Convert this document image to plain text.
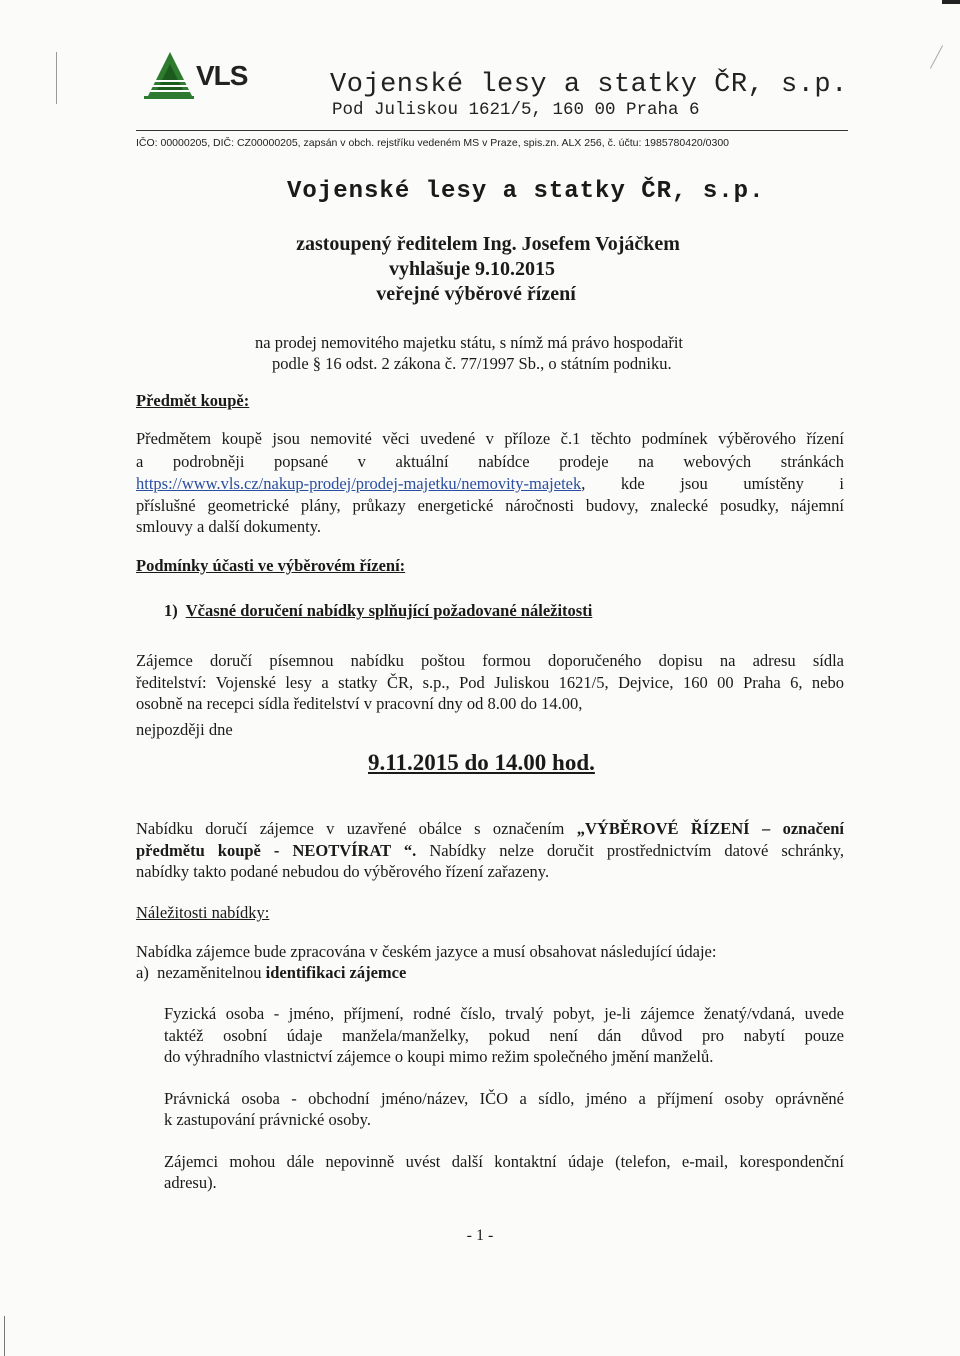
VLS	Vojenské lesy a statky ČR, s.p.
Pod Juliskou 1621/5, 160 00 Praha 6
IČO: 00000205, DIČ: CZ00000205, zapsán v obch. rejstříku vedeném MS v Praze, spis.zn. ALX 256, č. účtu: 1985780420/0300
Vojenské lesy a statky ČR, s.p.
zastoupený ředitelem Ing. Josefem Vojáčkem
vyhlašuje 9.10.2015
veřejné výběrové řízení
na prodej nemovitého majetku státu, s nímž má právo hospodařit
podle § 16 odst. 2 zákona č. 77/1997 Sb., o státním podniku.
Předmět koupě:
Předmětem koupě jsou nemovité věci uvedené v příloze č.1 těchto podmínek výběrového řízení
a podrobněji popsané v aktuální nabídce prodeje na webových stránkách
https://www.vls.cz/nakup-prodej/prodej-majetku/nemovity-majetek , kde jsou umístěny i
příslušné geometrické plány, průkazy energetické náročnosti budovy, znalecké posudky, nájemní
smlouvy a další dokumenty.
Podmínky účasti ve výběrovém řízení:
1) Včasné doručení nabídky splňující požadované náležitosti
Zájemce doručí písemnou nabídku poštou formou doporučeného dopisu na adresu sídla
ředitelství: Vojenské lesy a statky ČR, s.p., Pod Juliskou 1621/5, Dejvice, 160 00 Praha 6, nebo
osobně na recepci sídla ředitelství v pracovní dny od 8.00 do 14.00,
nejpozději dne
9.11.2015 do 14.00 hod.
Nabídku doručí zájemce v uzavřené obálce s označením „VÝBĚROVÉ ŘÍZENÍ – označení
předmětu koupě - NEOTVÍRAT “. Nabídky nelze doručit prostřednictvím datové schránky,
nabídky takto podané nebudou do výběrového řízení zařazeny.
Náležitosti nabídky:
Nabídka zájemce bude zpracována v českém jazyce a musí obsahovat následující údaje:
a)  nezaměnitelnou identifikaci zájemce
Fyzická osoba - jméno, příjmení, rodné číslo, trvalý pobyt, je-li zájemce ženatý/vdaná, uvede
taktéž osobní údaje manžela/manželky, pokud není dán důvod pro nabytí pouze
do výhradního vlastnictví zájemce o koupi mimo režim společného jmění manželů.
Právnická osoba - obchodní jméno/název, IČO a sídlo, jméno a příjmení osoby oprávněné
k zastupování právnické osoby.
Zájemci mohou dále nepovinně uvést další kontaktní údaje (telefon, e-mail, korespondenční
adresu).
- 1 -
